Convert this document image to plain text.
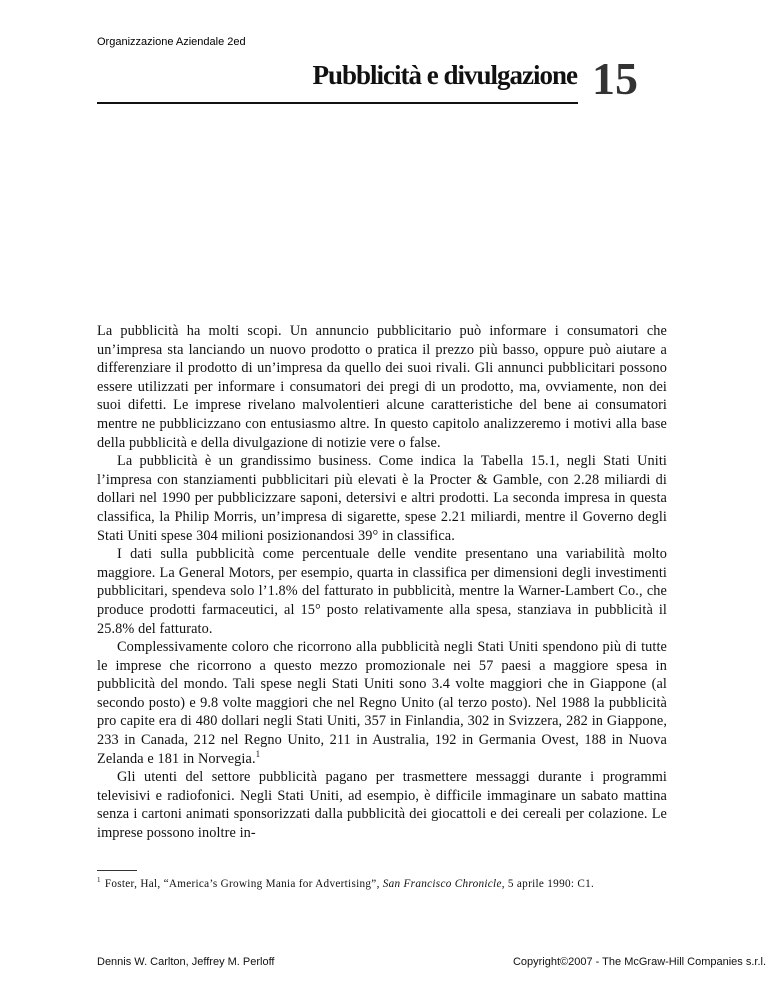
Organizzazione Aziendale 2ed
Pubblicità e divulgazione 15

La pubblicità ha molti scopi. Un annuncio pubblicitario può informare i consumatori che un’impresa sta lanciando un nuovo prodotto o pratica il prezzo più basso, oppure può aiutare a differenziare il prodotto di un’impresa da quello dei suoi rivali. Gli annunci pubblicitari possono essere utilizzati per informare i consumatori dei pregi di un prodotto, ma, ovviamente, non dei suoi difetti. Le imprese rivelano malvolentieri alcune caratteristiche del bene ai consumatori mentre ne pubblicizzano con entusiasmo altre. In questo capitolo analizzeremo i motivi alla base della pubblicità e della divulgazione di notizie vere o false.

La pubblicità è un grandissimo business. Come indica la Tabella 15.1, negli Stati Uniti l’impresa con stanziamenti pubblicitari più elevati è la Procter & Gamble, con 2.28 miliardi di dollari nel 1990 per pubblicizzare saponi, detersivi e altri prodotti. La seconda impresa in questa classifica, la Philip Morris, un’impresa di sigarette, spese 2.21 miliardi, mentre il Governo degli Stati Uniti spese 304 milioni posizionandosi 39° in classifica.

I dati sulla pubblicità come percentuale delle vendite presentano una variabilità molto maggiore. La General Motors, per esempio, quarta in classifica per dimensioni degli investimenti pubblicitari, spendeva solo l’1.8% del fatturato in pubblicità, mentre la Warner-Lambert Co., che produce prodotti farmaceutici, al 15° posto relativamente alla spesa, stanziava in pubblicità il 25.8% del fatturato.

Complessivamente coloro che ricorrono alla pubblicità negli Stati Uniti spendono più di tutte le imprese che ricorrono a questo mezzo promozionale nei 57 paesi a maggiore spesa in pubblicità del mondo. Tali spese negli Stati Uniti sono 3.4 volte maggiori che in Giappone (al secondo posto) e 9.8 volte maggiori che nel Regno Unito (al terzo posto). Nel 1988 la pubblicità pro capite era di 480 dollari negli Stati Uniti, 357 in Finlandia, 302 in Svizzera, 282 in Giappone, 233 in Canada, 212 nel Regno Unito, 211 in Australia, 192 in Germania Ovest, 188 in Nuova Zelanda e 181 in Norvegia.$^1$

Gli utenti del settore pubblicità pagano per trasmettere messaggi durante i programmi televisivi e radiofonici. Negli Stati Uniti, ad esempio, è difficile immaginare un sabato mattina senza i cartoni animati sponsorizzati dalla pubblicità dei giocattoli e dei cereali per colazione. Le imprese possono inoltre in-

$^1$ Foster, Hal, “America’s Growing Mania for Advertising”, San Francisco Chronicle, 5 aprile 1990: C1.
Dennis W. Carlton, Jeffrey M. Perloff	Copyright©2007 - The McGraw-Hill Companies s.r.l.
